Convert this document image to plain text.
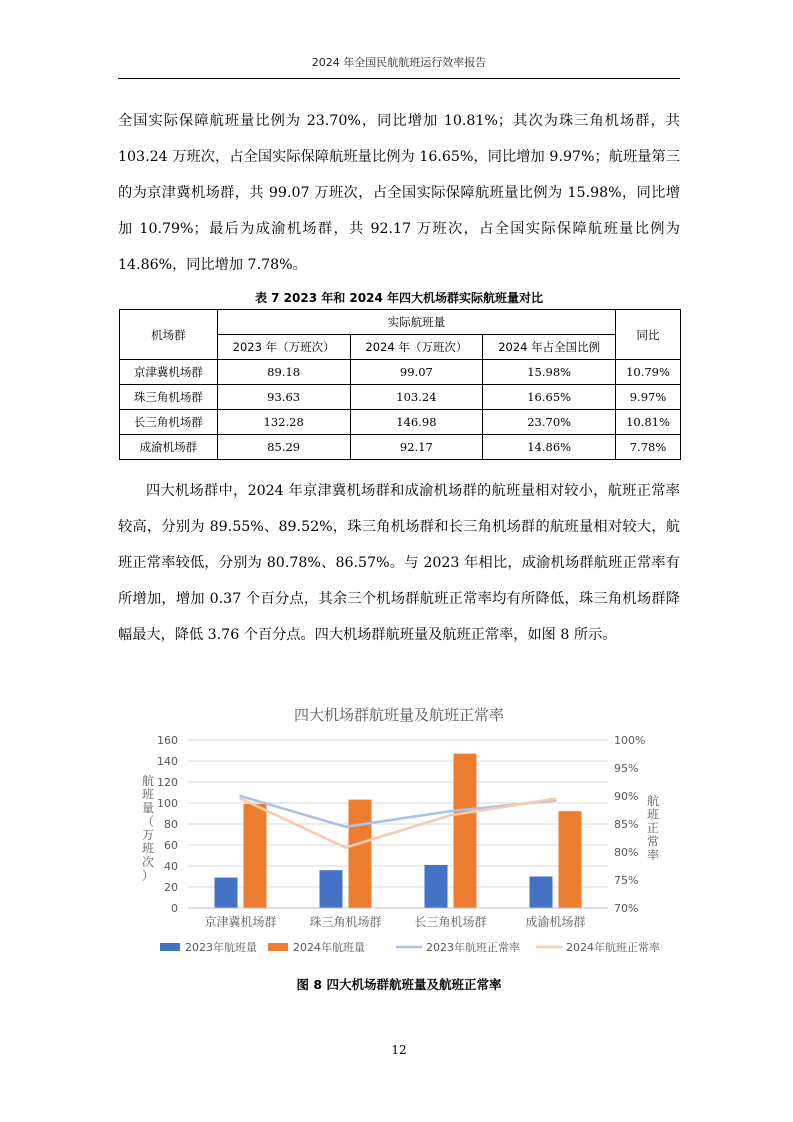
2024 年全国民航航班运行效率报告

全国实际保障航班量比例为 23.70%，同比增加 10.81%；其次为珠三角机场群，共 103.24 万班次，占全国实际保障航班量比例为 16.65%，同比增加 9.97%；航班量第三的为京津冀机场群，共 99.07 万班次，占全国实际保障航班量比例为 15.98%，同比增加 10.79%；最后为成渝机场群，共 92.17 万班次，占全国实际保障航班量比例为 14.86%，同比增加 7.78%。

表 7 2023 年和 2024 年四大机场群实际航班量对比
机场群	实际航班量			同比
	2023 年（万班次）	2024 年（万班次）	2024 年占全国比例	
京津冀机场群	89.18	99.07	15.98%	10.79%
珠三角机场群	93.63	103.24	16.65%	9.97%
长三角机场群	132.28	146.98	23.70%	10.81%
成渝机场群	85.29	92.17	14.86%	7.78%

四大机场群中，2024 年京津冀机场群和成渝机场群的航班量相对较小，航班正常率较高，分别为 89.55%、89.52%，珠三角机场群和长三角机场群的航班量相对较大，航班正常率较低，分别为 80.78%、86.57%。与 2023 年相比，成渝机场群航班正常率有所增加，增加 0.37 个百分点，其余三个机场群航班正常率均有所降低，珠三角机场群降幅最大，降低 3.76 个百分点。四大机场群航班量及航班正常率，如图 8 所示。

四大机场群航班量及航班正常率
0
20
40
60
80
100
120
140
160
70%
75%
80%
85%
90%
95%
100%
航班量（万班次）
航班正常率
京津冀机场群	珠三角机场群	长三角机场群	成渝机场群
2023年航班量	2024年航班量	2023年航班正常率	2024年航班正常率
图 8 四大机场群航班量及航班正常率
12
